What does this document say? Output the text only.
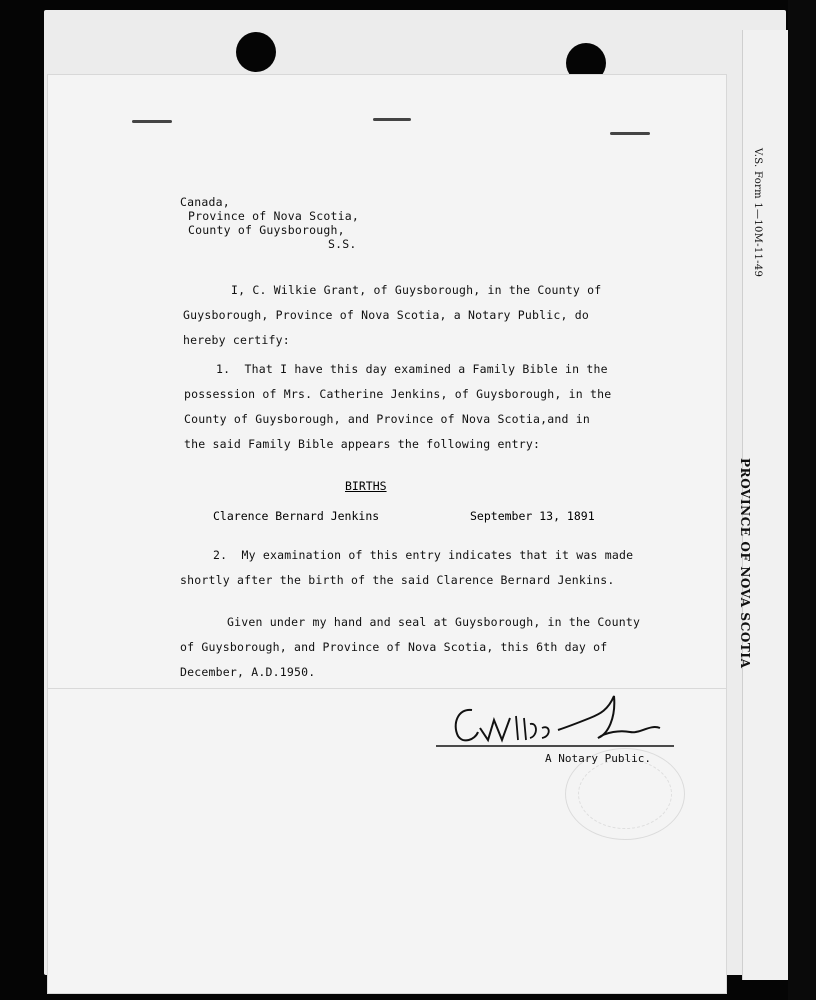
V.S. Form 1—10M-11-49
PROVINCE OF NOVA SCOTIA
Canada,
Province of Nova Scotia,
County of Guysborough,
S.S.
I, C. Wilkie Grant, of Guysborough, in the County of
Guysborough, Province of Nova Scotia, a Notary Public, do
hereby certify:
1.  That I have this day examined a Family Bible in the
possession of Mrs. Catherine Jenkins, of Guysborough, in the
County of Guysborough, and Province of Nova Scotia,and in
the said Family Bible appears the following entry:
BIRTHS
Clarence Bernard Jenkins	September 13, 1891
2.  My examination of this entry indicates that it was made
shortly after the birth of the said Clarence Bernard Jenkins.
Given under my hand and seal at Guysborough, in the County
of Guysborough, and Province of Nova Scotia, this 6th day of
December, A.D.1950.
A Notary Public.
